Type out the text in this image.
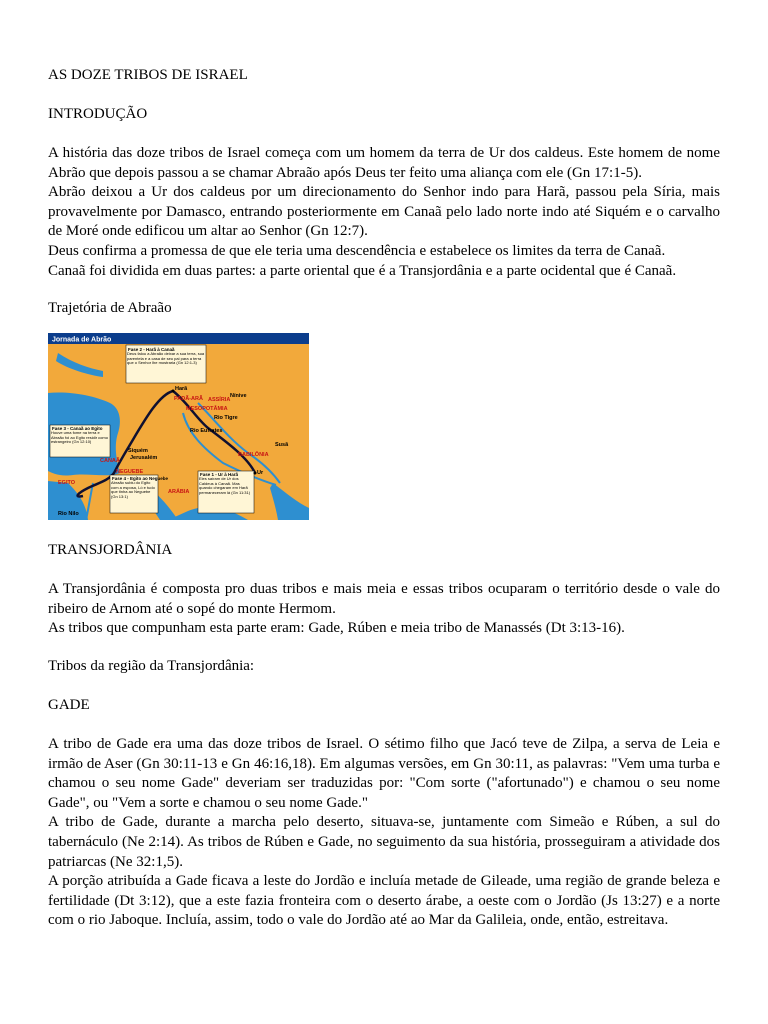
AS DOZE TRIBOS DE ISRAEL

INTRODUÇÃO

A história das doze tribos de Israel começa com um homem da terra de Ur dos caldeus. Este homem de nome Abrão que depois passou a se chamar Abraão após Deus ter feito uma aliança com ele (Gn 17:1-5).

Abrão deixou a Ur dos caldeus por um direcionamento do Senhor indo para Harã, passou pela Síria, mais provavelmente por Damasco, entrando posteriormente em Canaã pelo lado norte indo até Siquém e o carvalho de Moré onde edificou um altar ao Senhor (Gn 12:7).

Deus confirma a promessa de que ele teria uma descendência e estabelece os limites da terra de Canaã.

Canaã foi dividida em duas partes: a parte oriental que é a Transjordânia e a parte ocidental que é Canaã.

Trajetória de Abraão

Jornada de Abrão
Fase 2 - Harã à Canaã
Deus falou a Abraão deixar a sua terra, sua parentela e a casa de seu pai para a terra que o Senhor lhe mostraria (Gn 12:1-3)
Fase 3 - Canaã ao Egito
Houve uma fome na terra e Abraão foi ao Egito residir como estrangeiro (Gn 12:10)
Fase 4 - Egito ao Neguebe
Abraão subiu do Egito com a esposa, Ló e tudo que tinha ao Neguebe (Gn 13:1)
Fase 1 - Ur à Harã
Eles saíram de Ur dos Caldeus à Canaã. Mas quando chegaram em Harã permaneceram lá (Gn 11:31)
Harã
Nínive
PADÃ-ARÃ ASSÍRIA
MESOPOTÂMIA
Rio Tigre
Rio Eufrates
Susã
BABILÔNIA
Ur
Siquém
Jerusalém
CANAÃ
NEGUEBE
EGITO
ARÁBIA
Rio Nilo

TRANSJORDÂNIA

A Transjordânia é composta pro duas tribos e mais meia e essas tribos ocuparam o território desde o vale do ribeiro de Arnom até o sopé do monte Hermom.

As tribos que compunham esta parte eram: Gade, Rúben e meia tribo de Manassés (Dt 3:13-16).

Tribos da região da Transjordânia:

GADE

A tribo de Gade era uma das doze tribos de Israel. O sétimo filho que Jacó teve de Zilpa, a serva de Leia e irmão de Aser (Gn 30:11-13 e Gn 46:16,18). Em algumas versões, em Gn 30:11, as palavras: "Vem uma turba e chamou o seu nome Gade" deveriam ser traduzidas por: "Com sorte ("afortunado") e chamou o seu nome Gade", ou "Vem a sorte e chamou o seu nome Gade."

A tribo de Gade, durante a marcha pelo deserto, situava-se, juntamente com Simeão e Rúben, a sul do tabernáculo (Ne 2:14). As tribos de Rúben e Gade, no seguimento da sua história, prosseguiram a atividade dos patriarcas (Ne 32:1,5).

A porção atribuída a Gade ficava a leste do Jordão e incluía metade de Gileade, uma região de grande beleza e fertilidade (Dt 3:12), que a este fazia fronteira com o deserto árabe, a oeste com o Jordão (Js 13:27) e a norte com o rio Jaboque. Incluía, assim, todo o vale do Jordão até ao Mar da Galileia, onde, então, estreitava.
